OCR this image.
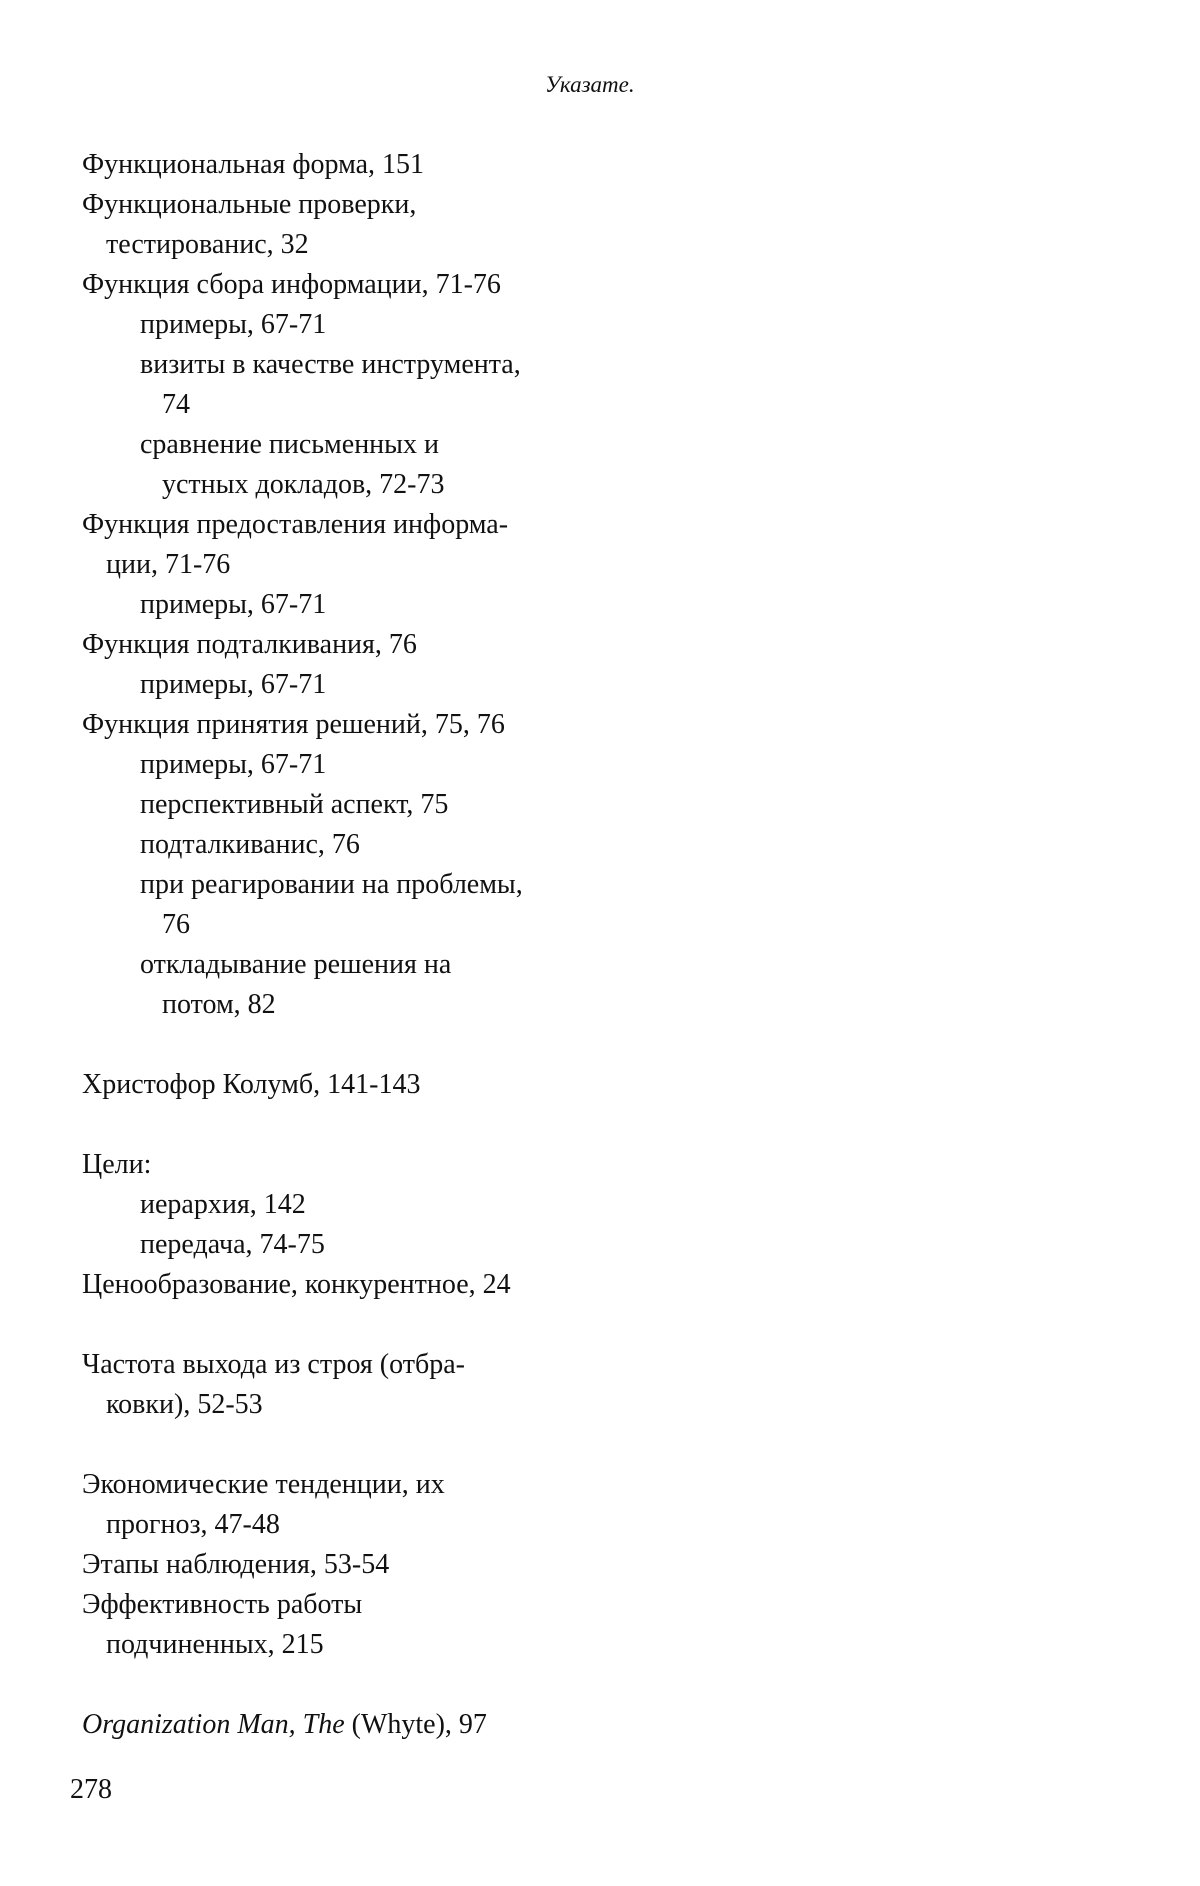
Указате.
Функциональная форма, 151
Функциональные проверки,
тестированис, 32
Функция сбора информации, 71-76
примеры, 67-71
визиты в качестве инструмента,
74
сравнение письменных и
устных докладов, 72-73
Функция предоставления информа-
ции, 71-76
примеры, 67-71
Функция подталкивания, 76
примеры, 67-71
Функция принятия решений, 75, 76
примеры, 67-71
перспективный аспект, 75
подталкиванис, 76
при реагировании на проблемы,
76
откладывание решения на
потом, 82
Христофор Колумб, 141-143
Цели:
иерархия, 142
передача, 74-75
Ценообразование, конкурентное, 24
Частота выхода из строя (отбра-
ковки), 52-53
Экономические тенденции, их
прогноз, 47-48
Этапы наблюдения, 53-54
Эффективность работы
подчиненных, 215
Organization Man, The (Whyte), 97
278
